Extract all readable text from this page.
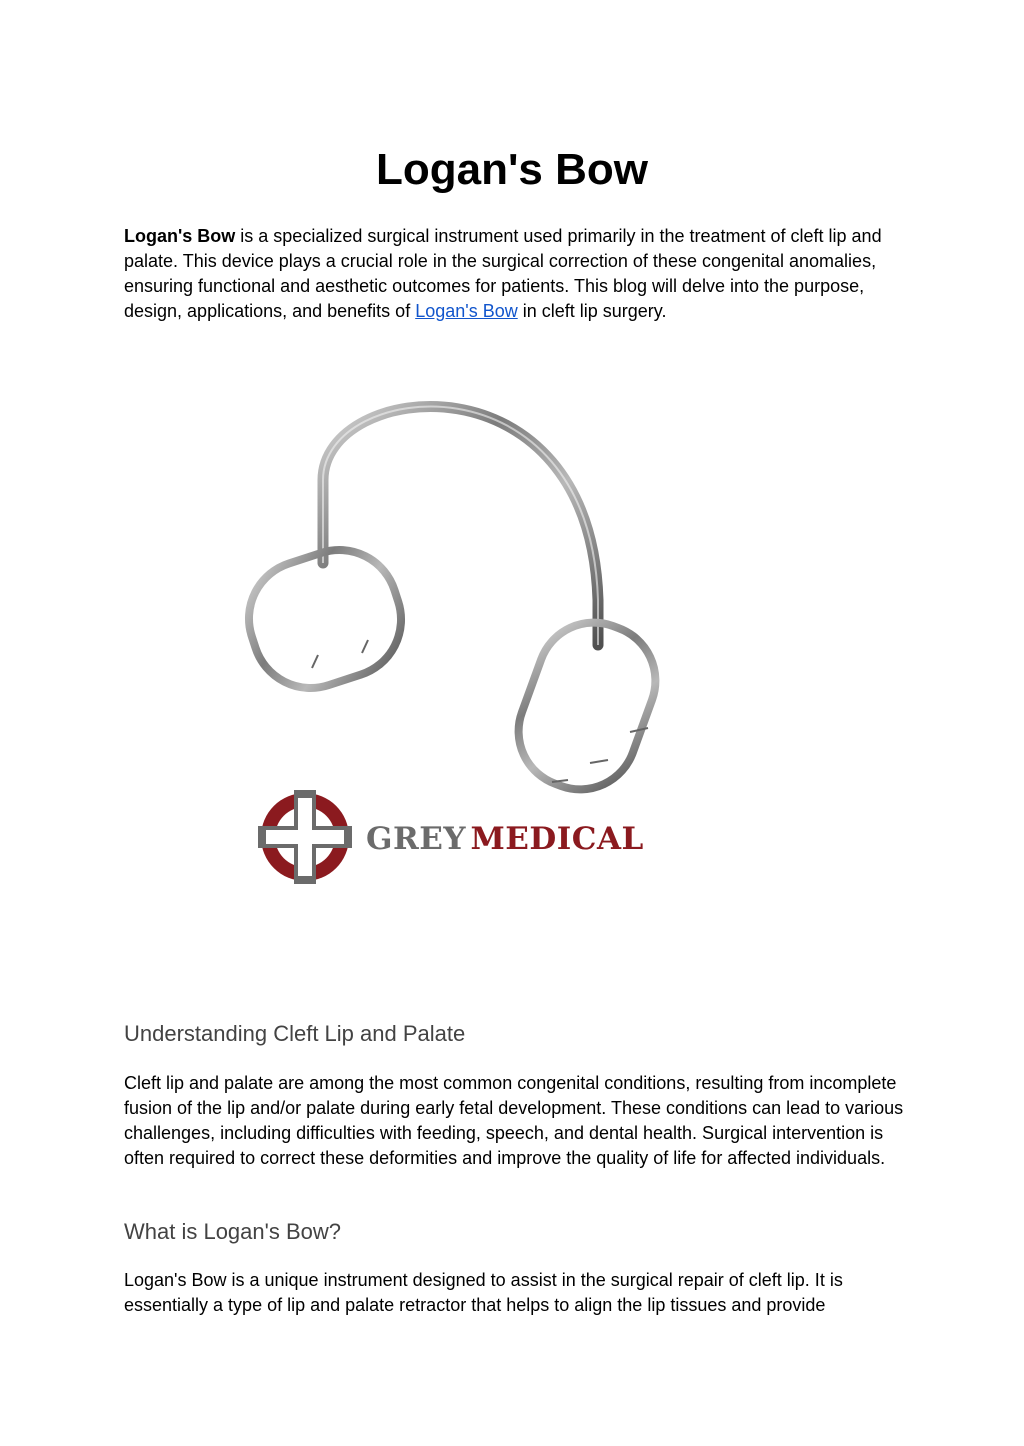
Logan's Bow

Logan's Bow is a specialized surgical instrument used primarily in the treatment of cleft lip and palate. This device plays a crucial role in the surgical correction of these congenital anomalies, ensuring functional and aesthetic outcomes for patients. This blog will delve into the purpose, design, applications, and benefits of Logan's Bow in cleft lip surgery.

GREY MEDICAL
Understanding Cleft Lip and Palate

Cleft lip and palate are among the most common congenital conditions, resulting from incomplete fusion of the lip and/or palate during early fetal development. These conditions can lead to various challenges, including difficulties with feeding, speech, and dental health. Surgical intervention is often required to correct these deformities and improve the quality of life for affected individuals.

What is Logan's Bow?

Logan's Bow is a unique instrument designed to assist in the surgical repair of cleft lip. It is essentially a type of lip and palate retractor that helps to align the lip tissues and provide
